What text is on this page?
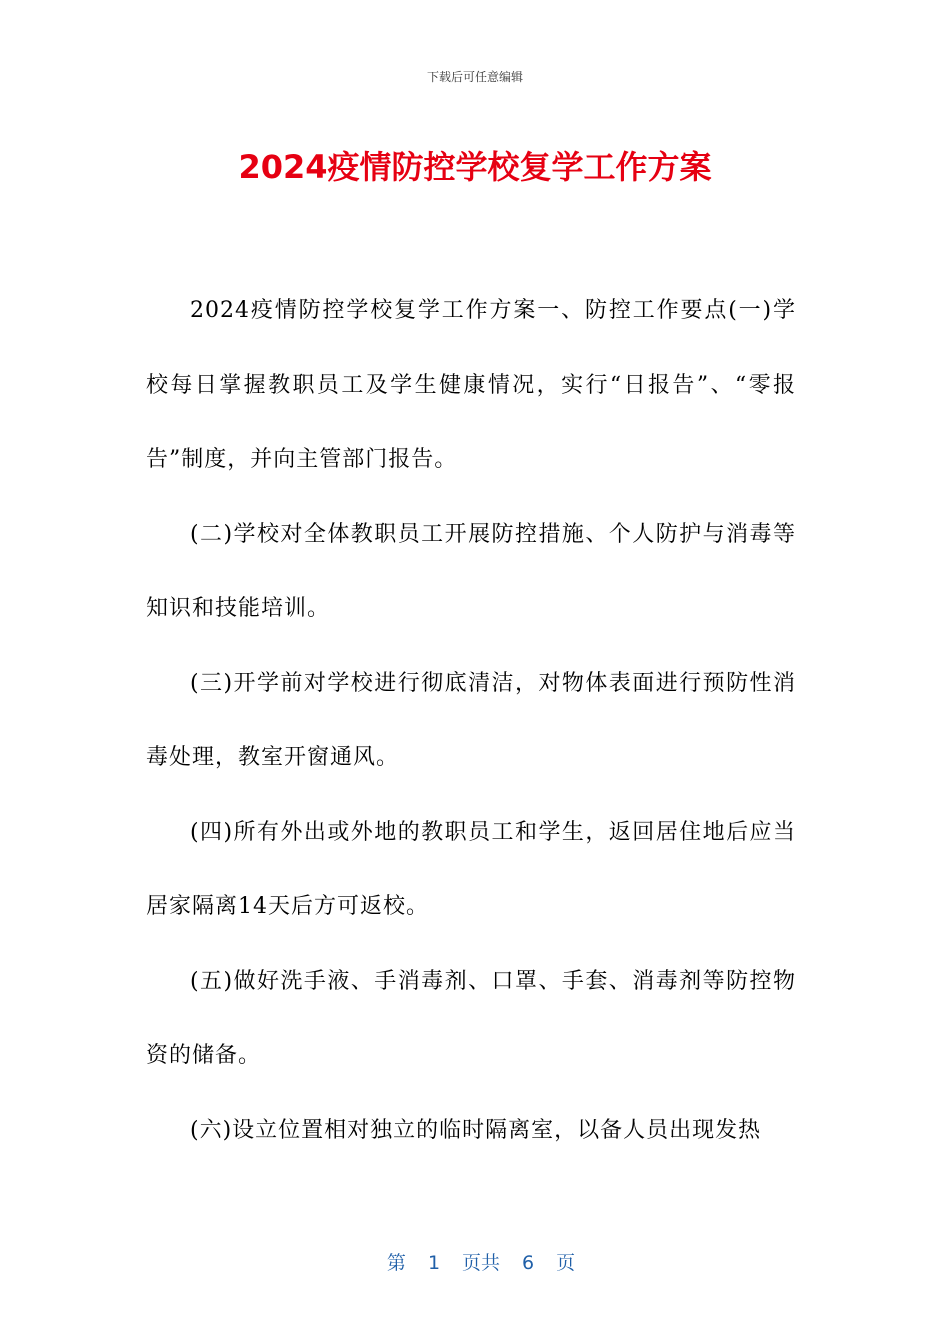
下载后可任意编辑
2024疫情防控学校复学工作方案

2024疫情防控学校复学工作方案一、防控工作要点(一)学校每日掌握教职员工及学生健康情况，实行“日报告”、“零报告”制度，并向主管部门报告。

(二)学校对全体教职员工开展防控措施、个人防护与消毒等知识和技能培训。

(三)开学前对学校进行彻底清洁，对物体表面进行预防性消毒处理，教室开窗通风。

(四)所有外出或外地的教职员工和学生，返回居住地后应当居家隔离14天后方可返校。

(五)做好洗手液、手消毒剂、口罩、手套、消毒剂等防控物资的储备。

(六)设立位置相对独立的临时隔离室，以备人员出现发热

第 1 页共 6 页
